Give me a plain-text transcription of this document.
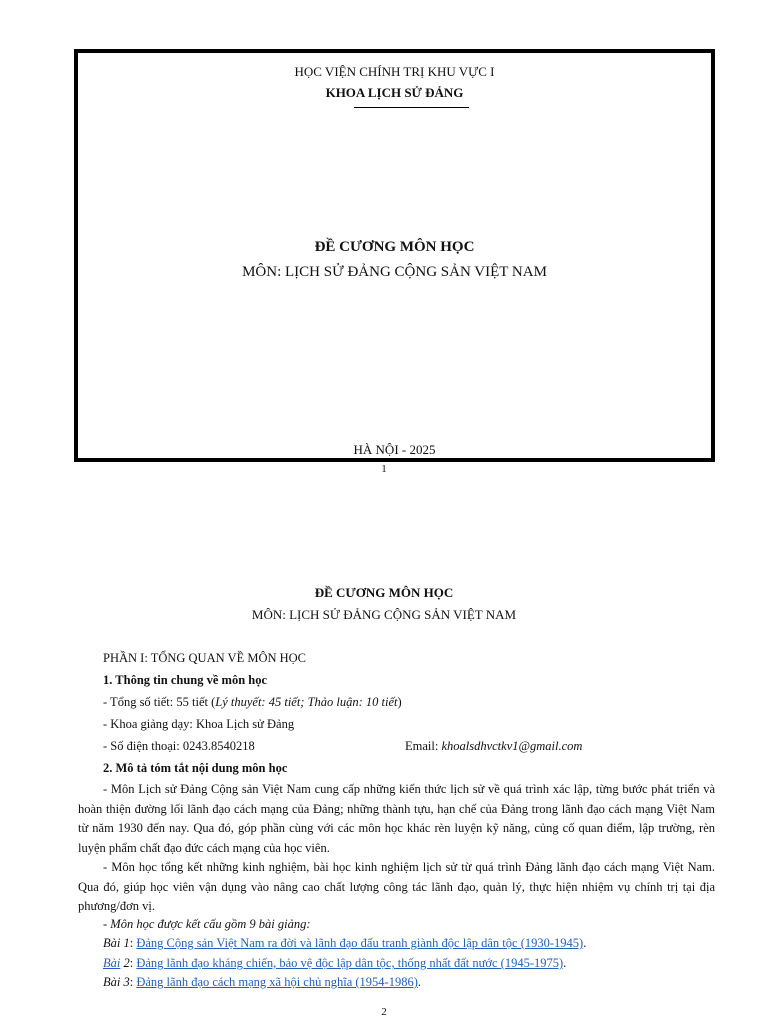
HỌC VIỆN CHÍNH TRỊ KHU VỰC I
KHOA LỊCH SỬ ĐẢNG
ĐỀ CƯƠNG MÔN HỌC
MÔN: LỊCH SỬ ĐẢNG CỘNG SẢN VIỆT NAM
HÀ NỘI - 2025
1
ĐỀ CƯƠNG MÔN HỌC
MÔN: LỊCH SỬ ĐẢNG CỘNG SẢN VIỆT NAM
PHẦN I: TỔNG QUAN VỀ MÔN HỌC
1. Thông tin chung về môn học
- Tổng số tiết: 55 tiết (Lý thuyết: 45 tiết; Thảo luận: 10 tiết)
- Khoa giảng dạy: Khoa Lịch sử Đảng
- Số điện thoại: 0243.8540218	Email: khoalsdhvctkv1@gmail.com
2. Mô tả tóm tắt nội dung môn học
- Môn Lịch sử Đảng Cộng sản Việt Nam cung cấp những kiến thức lịch sử về quá trình xác lập, từng bước phát triển và hoàn thiện đường lối lãnh đạo cách mạng của Đảng; những thành tựu, hạn chế của Đảng trong lãnh đạo cách mạng Việt Nam từ năm 1930 đến nay. Qua đó, góp phần cùng với các môn học khác rèn luyện kỹ năng, củng cố quan điểm, lập trường, rèn luyện phẩm chất đạo đức cách mạng của học viên.
- Môn học tổng kết những kinh nghiệm, bài học kinh nghiệm lịch sử từ quá trình Đảng lãnh đạo cách mạng Việt Nam. Qua đó, giúp học viên vận dụng vào nâng cao chất lượng công tác lãnh đạo, quản lý, thực hiện nhiệm vụ chính trị tại địa phương/đơn vị.
- Môn học được kết cấu gồm 9 bài giảng:
Bài 1: Đảng Cộng sản Việt Nam ra đời và lãnh đạo đấu tranh giành độc lập dân tộc (1930-1945).
Bài 2: Đảng lãnh đạo kháng chiến, bảo vệ độc lập dân tộc, thống nhất đất nước (1945-1975).
Bài 3: Đảng lãnh đạo cách mạng xã hội chủ nghĩa (1954-1986).
2
